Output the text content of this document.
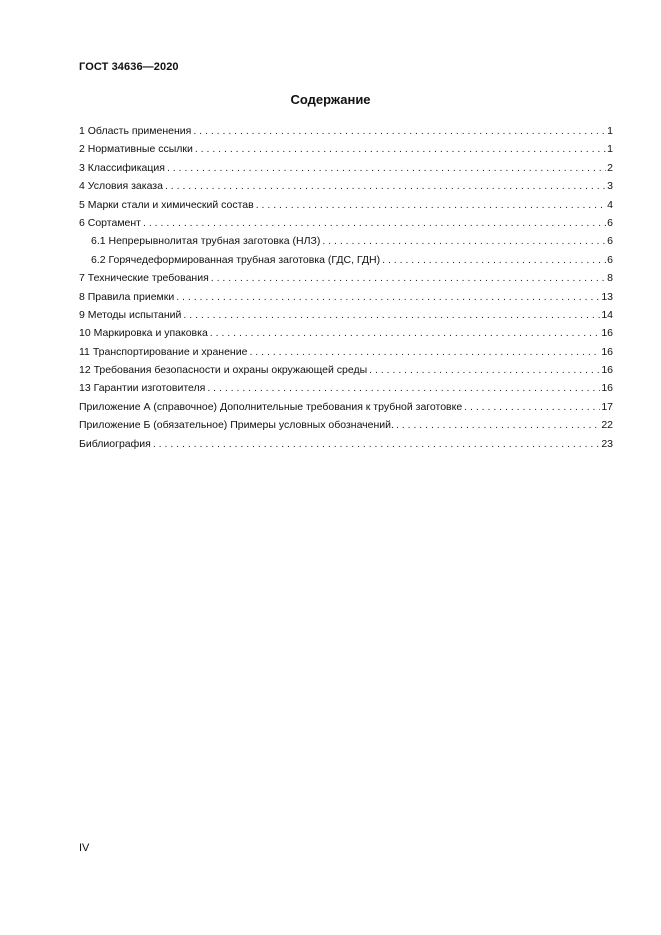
ГОСТ 34636—2020
Содержание
1 Область применения . . .	1
2 Нормативные ссылки . . .	1
3 Классификация . . .	2
4 Условия заказа . . .	3
5 Марки стали и химический состав . . .	4
6 Сортамент . . .	6
6.1 Непрерывнолитая трубная заготовка (НЛЗ) . . .	6
6.2 Горячедеформированная трубная заготовка (ГДС, ГДН) . . .	6
7 Технические требования . . .	8
8 Правила приемки . . .	13
9 Методы испытаний . . .	14
10 Маркировка и упаковка . . .	16
11 Транспортирование и хранение . . .	16
12 Требования безопасности и охраны окружающей среды . . .	16
13 Гарантии изготовителя . . .	16
Приложение А (справочное) Дополнительные требования к трубной заготовке . . .	17
Приложение Б (обязательное) Примеры условных обозначений. . . .	22
Библиография . . .	23
IV
